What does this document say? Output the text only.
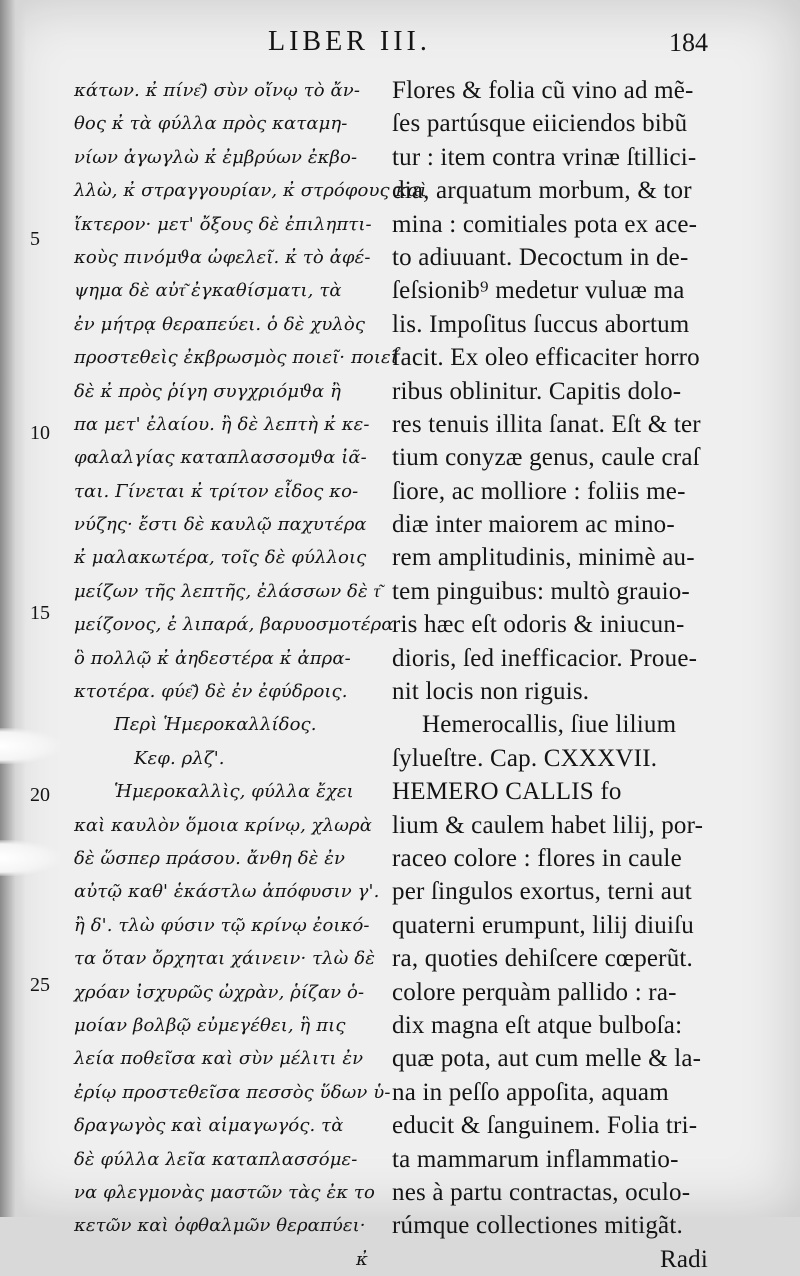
LIBER III.	184
5
10
15
20
25
κάτων. κ̓ πίνε͂) σὺν οἴνῳ τὸ ἄν-
θος κ̓ τὰ φύλλα πρὸς καταμη-
νίων ἀγωγλὼ κ̓ ἐμβρύων ἐκβο-
λλὼ, κ̓ στραγγουρίαν, κ̓ στρόφους καὶ
ἴκτερον· μετ' ὄξους δὲ ἐπιληπτι-
κοὺς πινόμϑα ὠφελεῖ. κ̓ τὸ ἀφέ-
ψημα δὲ αὐτ͂ ἐγκαθίσματι, τὰ
ἐν μήτρᾳ θεραπεύει. ὁ δὲ χυλὸς
προστεθεὶς ἐκβρωσμὸς ποιεῖ· ποιεῖ
δὲ κ̓ πρὸς ῥίγη συγχριόμϑα ἢ
πα μετ' ἐλαίου. ἢ δὲ λεπτὴ κ̓ κε-
φαλαλγίας καταπλασσομϑα ἰᾶ-
ται. Γίνεται κ̓ τρίτον εἶδος κο-
νύζης· ἔστι δὲ καυλῷ παχυτέρα
κ̓ μαλακωτέρα, τοῖς δὲ φύλλοις
μείζων τῆς λεπτῆς, ἐλάσσων δὲ τ͂
μείζονος, ἐ λιπαρά, βαρυοσμοτέρα
ὃ πολλῷ κ̓ ἀηδεστέρα κ̓ ἀπρα-
κτοτέρα. φύε͂) δὲ ἐν ἐφύδροις.
Περὶ Ἡμεροκαλλίδος.
Κεφ. ρλζ'.
Ἡμεροκαλλὶς, φύλλα ἔχει
καὶ καυλὸν ὅμοια κρίνῳ, χλωρὰ
δὲ ὥσπερ πράσου. ἄνθη δὲ ἐν
αὐτῷ καθ' ἑκάστλω ἀπόφυσιν γ'.
ἢ δ'. τλὼ φύσιν τῷ κρίνῳ ἐοικό-
τα ὅταν ὄρχηται χάινειν· τλὼ δὲ
χρόαν ἰσχυρῶς ὠχρὰν, ῥίζαν ὁ-
μοίαν βολβῷ εὐμεγέθει, ἣ πις
λεία ποθεῖσα καὶ σὺν μέλιτι ἐν
ἐρίῳ προστεθεῖσα πεσσὸς ὕδων ὑ-
δραγωγὸς καὶ αἱμαγωγός. τὰ
δὲ φύλλα λεῖα καταπλασσόμε-
να φλεγμονὰς μαστῶν τὰς ἐκ το
κετῶν καὶ ὀφθαλμῶν θεραπύει·
κ̓
Flores & folia cũ vino ad mẽ-
ſes partúsque eiiciendos bibũ
tur : item contra vrinæ ſtillici-
dia, arquatum morbum, & tor
mina : comitiales pota ex ace-
to adiuuant. Decoctum in de-
ſeſsionib⁹ medetur vuluæ ma
lis. Impoſitus ſuccus abortum
facit. Ex oleo efficaciter horro
ribus oblinitur. Capitis dolo-
res tenuis illita ſanat. Eſt & ter
tium conyzæ genus, caule craſ
ſiore, ac molliore : foliis me-
diæ inter maiorem ac mino-
rem amplitudinis, minimè au-
tem pinguibus: multò grauio-
ris hæc eſt odoris & iniucun-
dioris, ſed inefficacior. Proue-
nit locis non riguis.
Hemerocallis, ſiue lilium
ſylueſtre. Cap. CXXXVII.
HEMERO CALLIS fo
lium & caulem habet lilij, por-
raceo colore : flores in caule
per ſingulos exortus, terni aut
quaterni erumpunt, lilij diuiſu
ra, quoties dehiſcere cœperũt.
colore perquàm pallido : ra-
dix magna eſt atque bulboſa:
quæ pota, aut cum melle & la-
na in peſſo appoſita, aquam
educit & ſanguinem. Folia tri-
ta mammarum inflammatio-
nes à partu contractas, oculo-
rúmque collectiones mitigãt.
Radi
